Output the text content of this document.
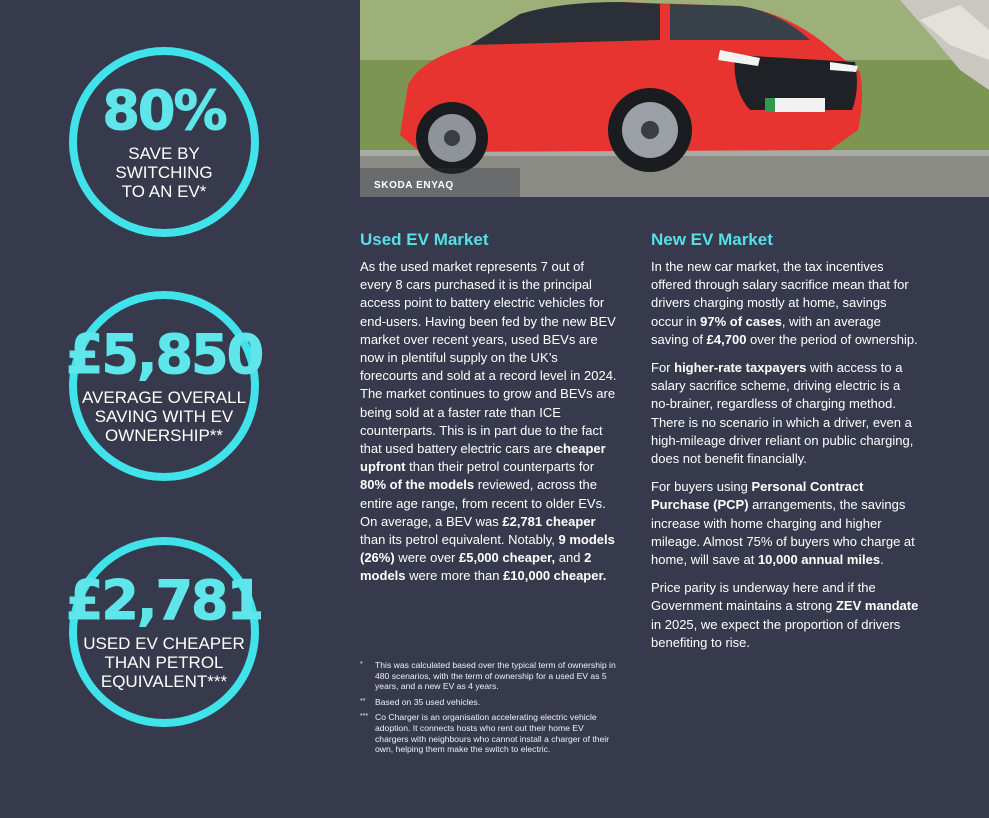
80%
SAVE BY SWITCHING TO AN EV*
£5,850
AVERAGE OVERALL SAVING WITH EV OWNERSHIP**
£2,781
USED EV CHEAPER THAN PETROL EQUIVALENT***
SKODA ENYAQ
Used EV Market

As the used market represents 7 out of every 8 cars purchased it is the principal access point to battery electric vehicles for end-users. Having been fed by the new BEV market over recent years, used BEVs are now in plentiful supply on the UK’s forecourts and sold at a record level in 2024. The market continues to grow and BEVs are being sold at a faster rate than ICE counterparts. This is in part due to the fact that used battery electric cars are cheaper upfront than their petrol counterparts for 80% of the models reviewed, across the entire age range, from recent to older EVs. On average, a BEV was £2,781 cheaper than its petrol equivalent. Notably, 9 models (26%) were over £5,000 cheaper, and 2 models were more than £10,000 cheaper.

New EV Market

In the new car market, the tax incentives offered through salary sacrifice mean that for drivers charging mostly at home, savings occur in 97% of cases, with an average saving of £4,700 over the period of ownership.

For higher-rate taxpayers with access to a salary sacrifice scheme, driving electric is a no-brainer, regardless of charging method. There is no scenario in which a driver, even a high-mileage driver reliant on public charging, does not benefit financially.

For buyers using Personal Contract Purchase (PCP) arrangements, the savings increase with home charging and higher mileage. Almost 75% of buyers who charge at home, will save at 10,000 annual miles.

Price parity is underway here and if the Government maintains a strong ZEV mandate in 2025, we expect the proportion of drivers benefiting to rise.

*	This was calculated based over the typical term of ownership in 480 scenarios, with the term of ownership for a used EV as 5 years, and a new EV as 4 years.
**	Based on 35 used vehicles.
*** Co Charger is an organisation accelerating electric vehicle adoption. It connects hosts who rent out their home EV chargers with neighbours who cannot install a charger of their own, helping them make the switch to electric.
